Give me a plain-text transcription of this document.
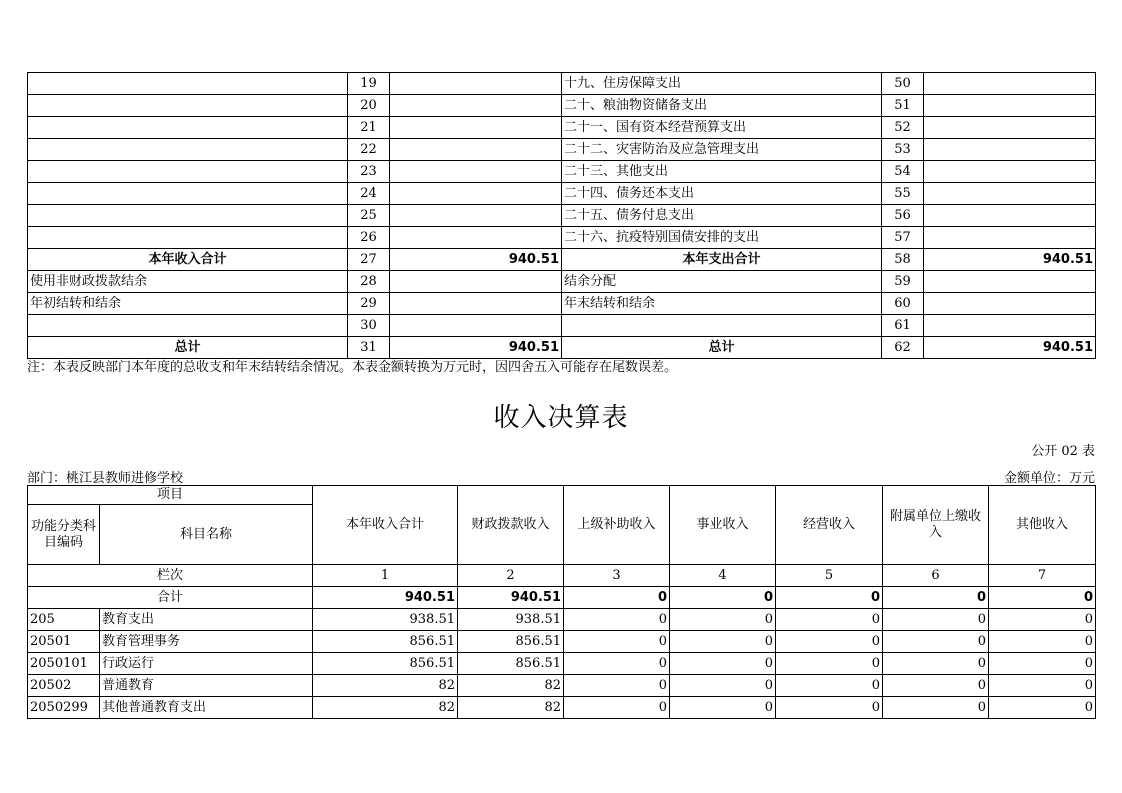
	19		十九、住房保障支出	50	
	20		二十、粮油物资储备支出	51	
	21		二十一、国有资本经营预算支出	52	
	22		二十二、灾害防治及应急管理支出	53	
	23		二十三、其他支出	54	
	24		二十四、债务还本支出	55	
	25		二十五、债务付息支出	56	
	26		二十六、抗疫特别国债安排的支出	57	
本年收入合计	27	940.51	本年支出合计	58	940.51
使用非财政拨款结余	28		结余分配	59	
年初结转和结余	29		年末结转和结余	60	
	30			61	
总计	31	940.51	总计	62	940.51
注：本表反映部门本年度的总收支和年末结转结余情况。本表金额转换为万元时，因四舍五入可能存在尾数误差。
收入决算表
公开 02 表
部门：桃江县教师进修学校	金额单位：万元
项目		本年收入合计	财政拨款收入	上级补助收入	事业收入	经营收入	附属单位上缴收入	其他收入
功能分类科目编码	科目名称							
栏次		1	2	3	4	5	6	7
合计		940.51	940.51	0	0	0	0	0
205	教育支出	938.51	938.51	0	0	0	0	0
20501	教育管理事务	856.51	856.51	0	0	0	0	0
2050101	行政运行	856.51	856.51	0	0	0	0	0
20502	普通教育	82	82	0	0	0	0	0
2050299	其他普通教育支出	82	82	0	0	0	0	0
